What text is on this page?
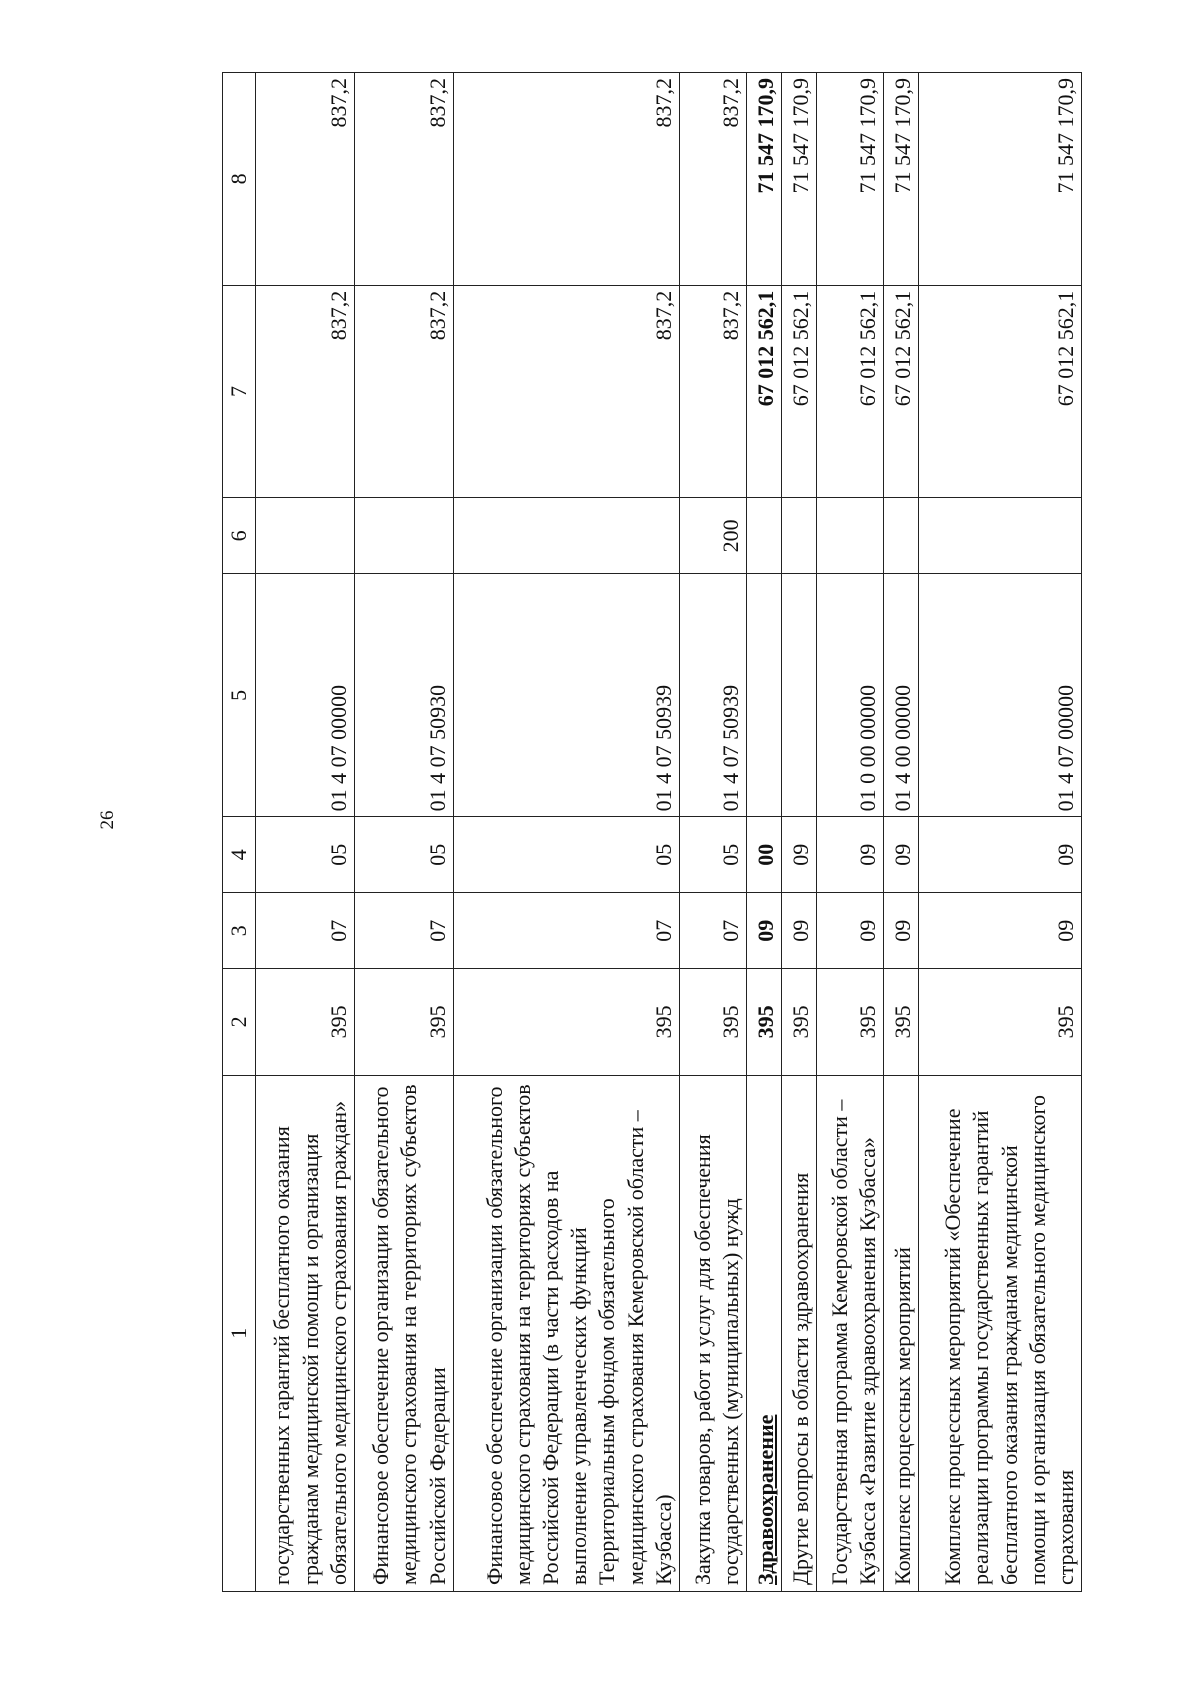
26
1	2	3	4	5	6	7	8
государственных гарантий бесплатного оказания гражданам медицинской помощи и организация обязательного медицинского страхования граждан»	395	07	05	01 4 07 00000		837,2	837,2
Финансовое обеспечение организации обязательного медицинского страхования на территориях субъектов Российской Федерации	395	07	05	01 4 07 50930		837,2	837,2
Финансовое обеспечение организации обязательного медицинского страхования на территориях субъектов Российской Федерации (в части расходов на выполнение управленческих функций Территориальным фондом обязательного медицинского страхования Кемеровской области – Кузбасса)	395	07	05	01 4 07 50939		837,2	837,2
Закупка товаров, работ и услуг для обеспечения государственных (муниципальных) нужд	395	07	05	01 4 07 50939	200	837,2	837,2
Здравоохранение	395	09	00			67 012 562,1	71 547 170,9
Другие вопросы в области здравоохранения	395	09	09			67 012 562,1	71 547 170,9
Государственная программа Кемеровской области – Кузбасса «Развитие здравоохранения Кузбасса»	395	09	09	01 0 00 00000		67 012 562,1	71 547 170,9
Комплекс процессных мероприятий	395	09	09	01 4 00 00000		67 012 562,1	71 547 170,9
Комплекс процессных мероприятий «Обеспечение реализации программы государственных гарантий бесплатного оказания гражданам медицинской помощи и организация обязательного медицинского страхования	395	09	09	01 4 07 00000		67 012 562,1	71 547 170,9
